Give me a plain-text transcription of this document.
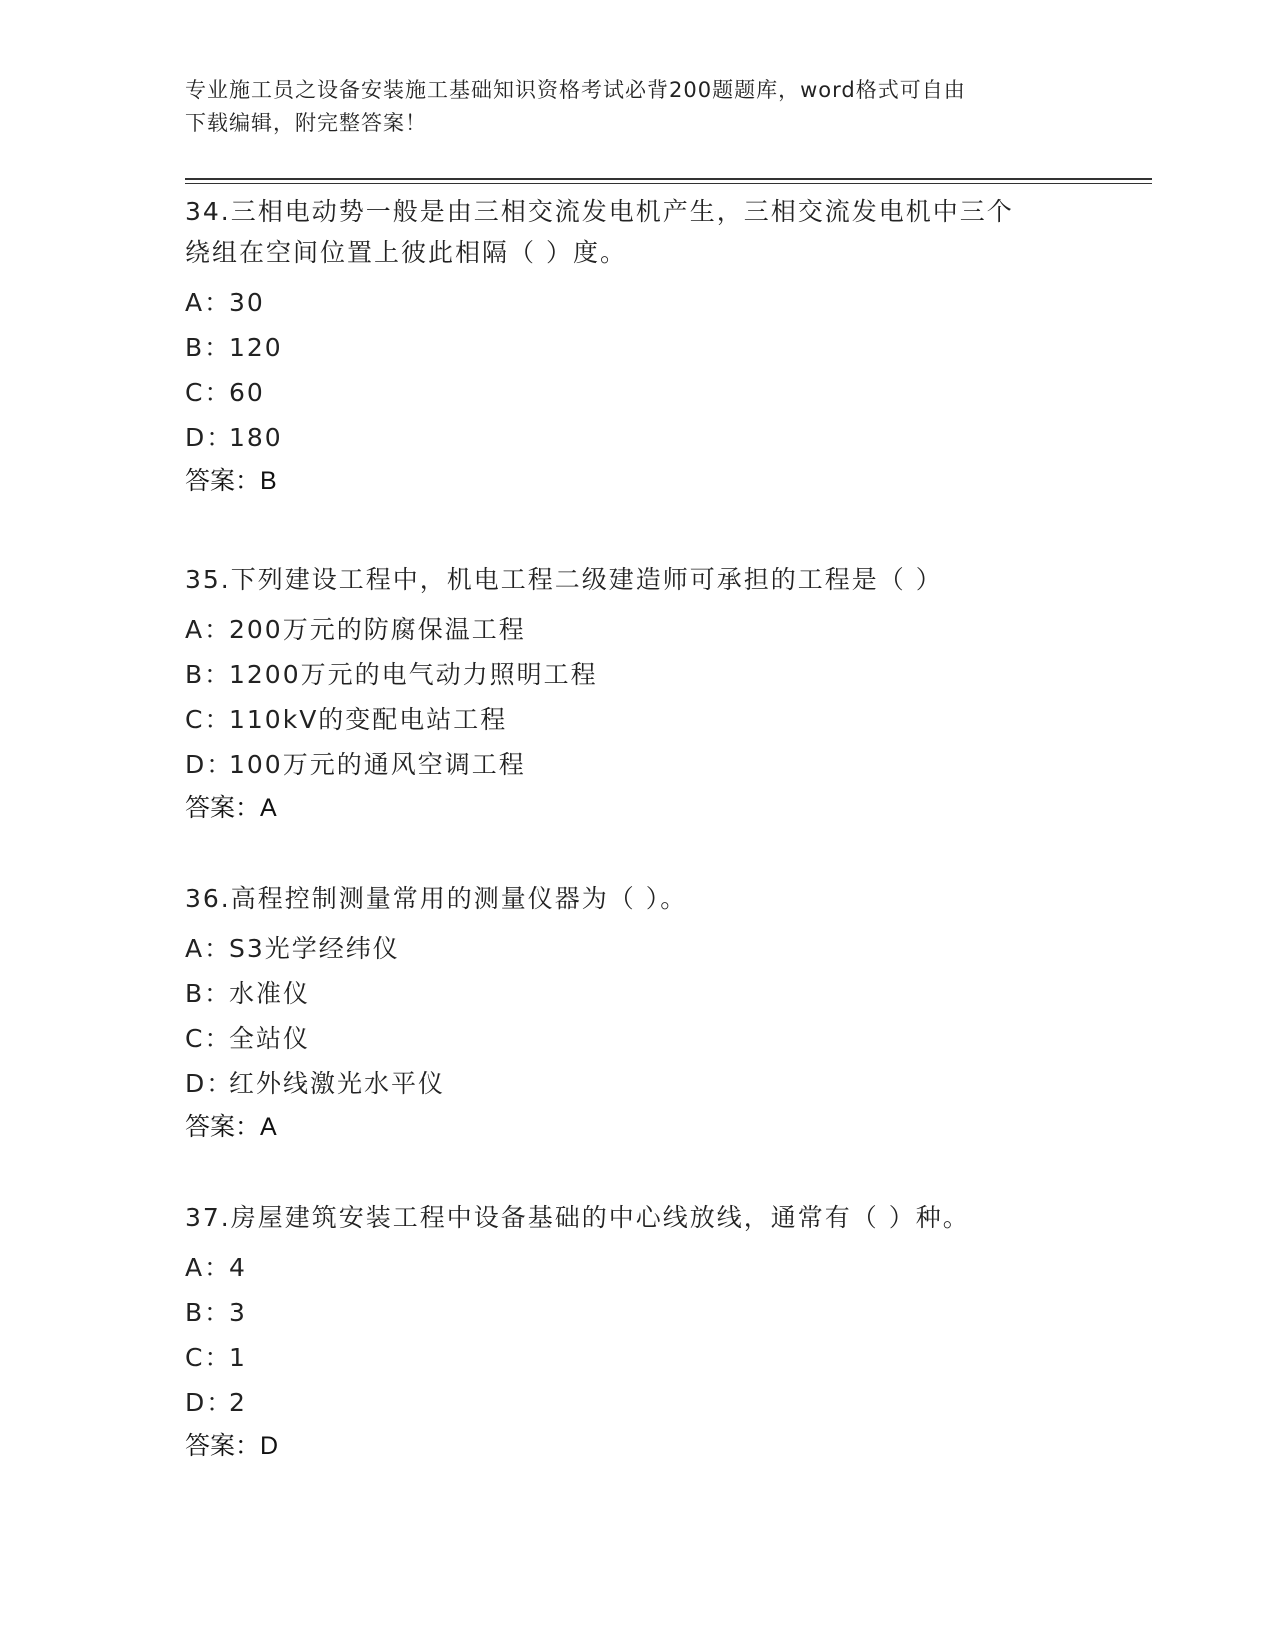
专业施工员之设备安装施工基础知识资格考试必背200题题库，word格式可自由
下载编辑，附完整答案！

34.三相电动势一般是由三相交流发电机产生，三相交流发电机中三个
绕组在空间位置上彼此相隔（ ）度。

A：30
B：120
C：60
D：180
答案：B

35.下列建设工程中，机电工程二级建造师可承担的工程是（ ）

A：200万元的防腐保温工程
B：1200万元的电气动力照明工程
C：110kV的变配电站工程
D：100万元的通风空调工程
答案：A

36.高程控制测量常用的测量仪器为（ ）。

A：S3光学经纬仪
B：水准仪
C：全站仪
D：红外线激光水平仪
答案：A

37.房屋建筑安装工程中设备基础的中心线放线，通常有（ ）种。

A：4
B：3
C：1
D：2
答案：D
